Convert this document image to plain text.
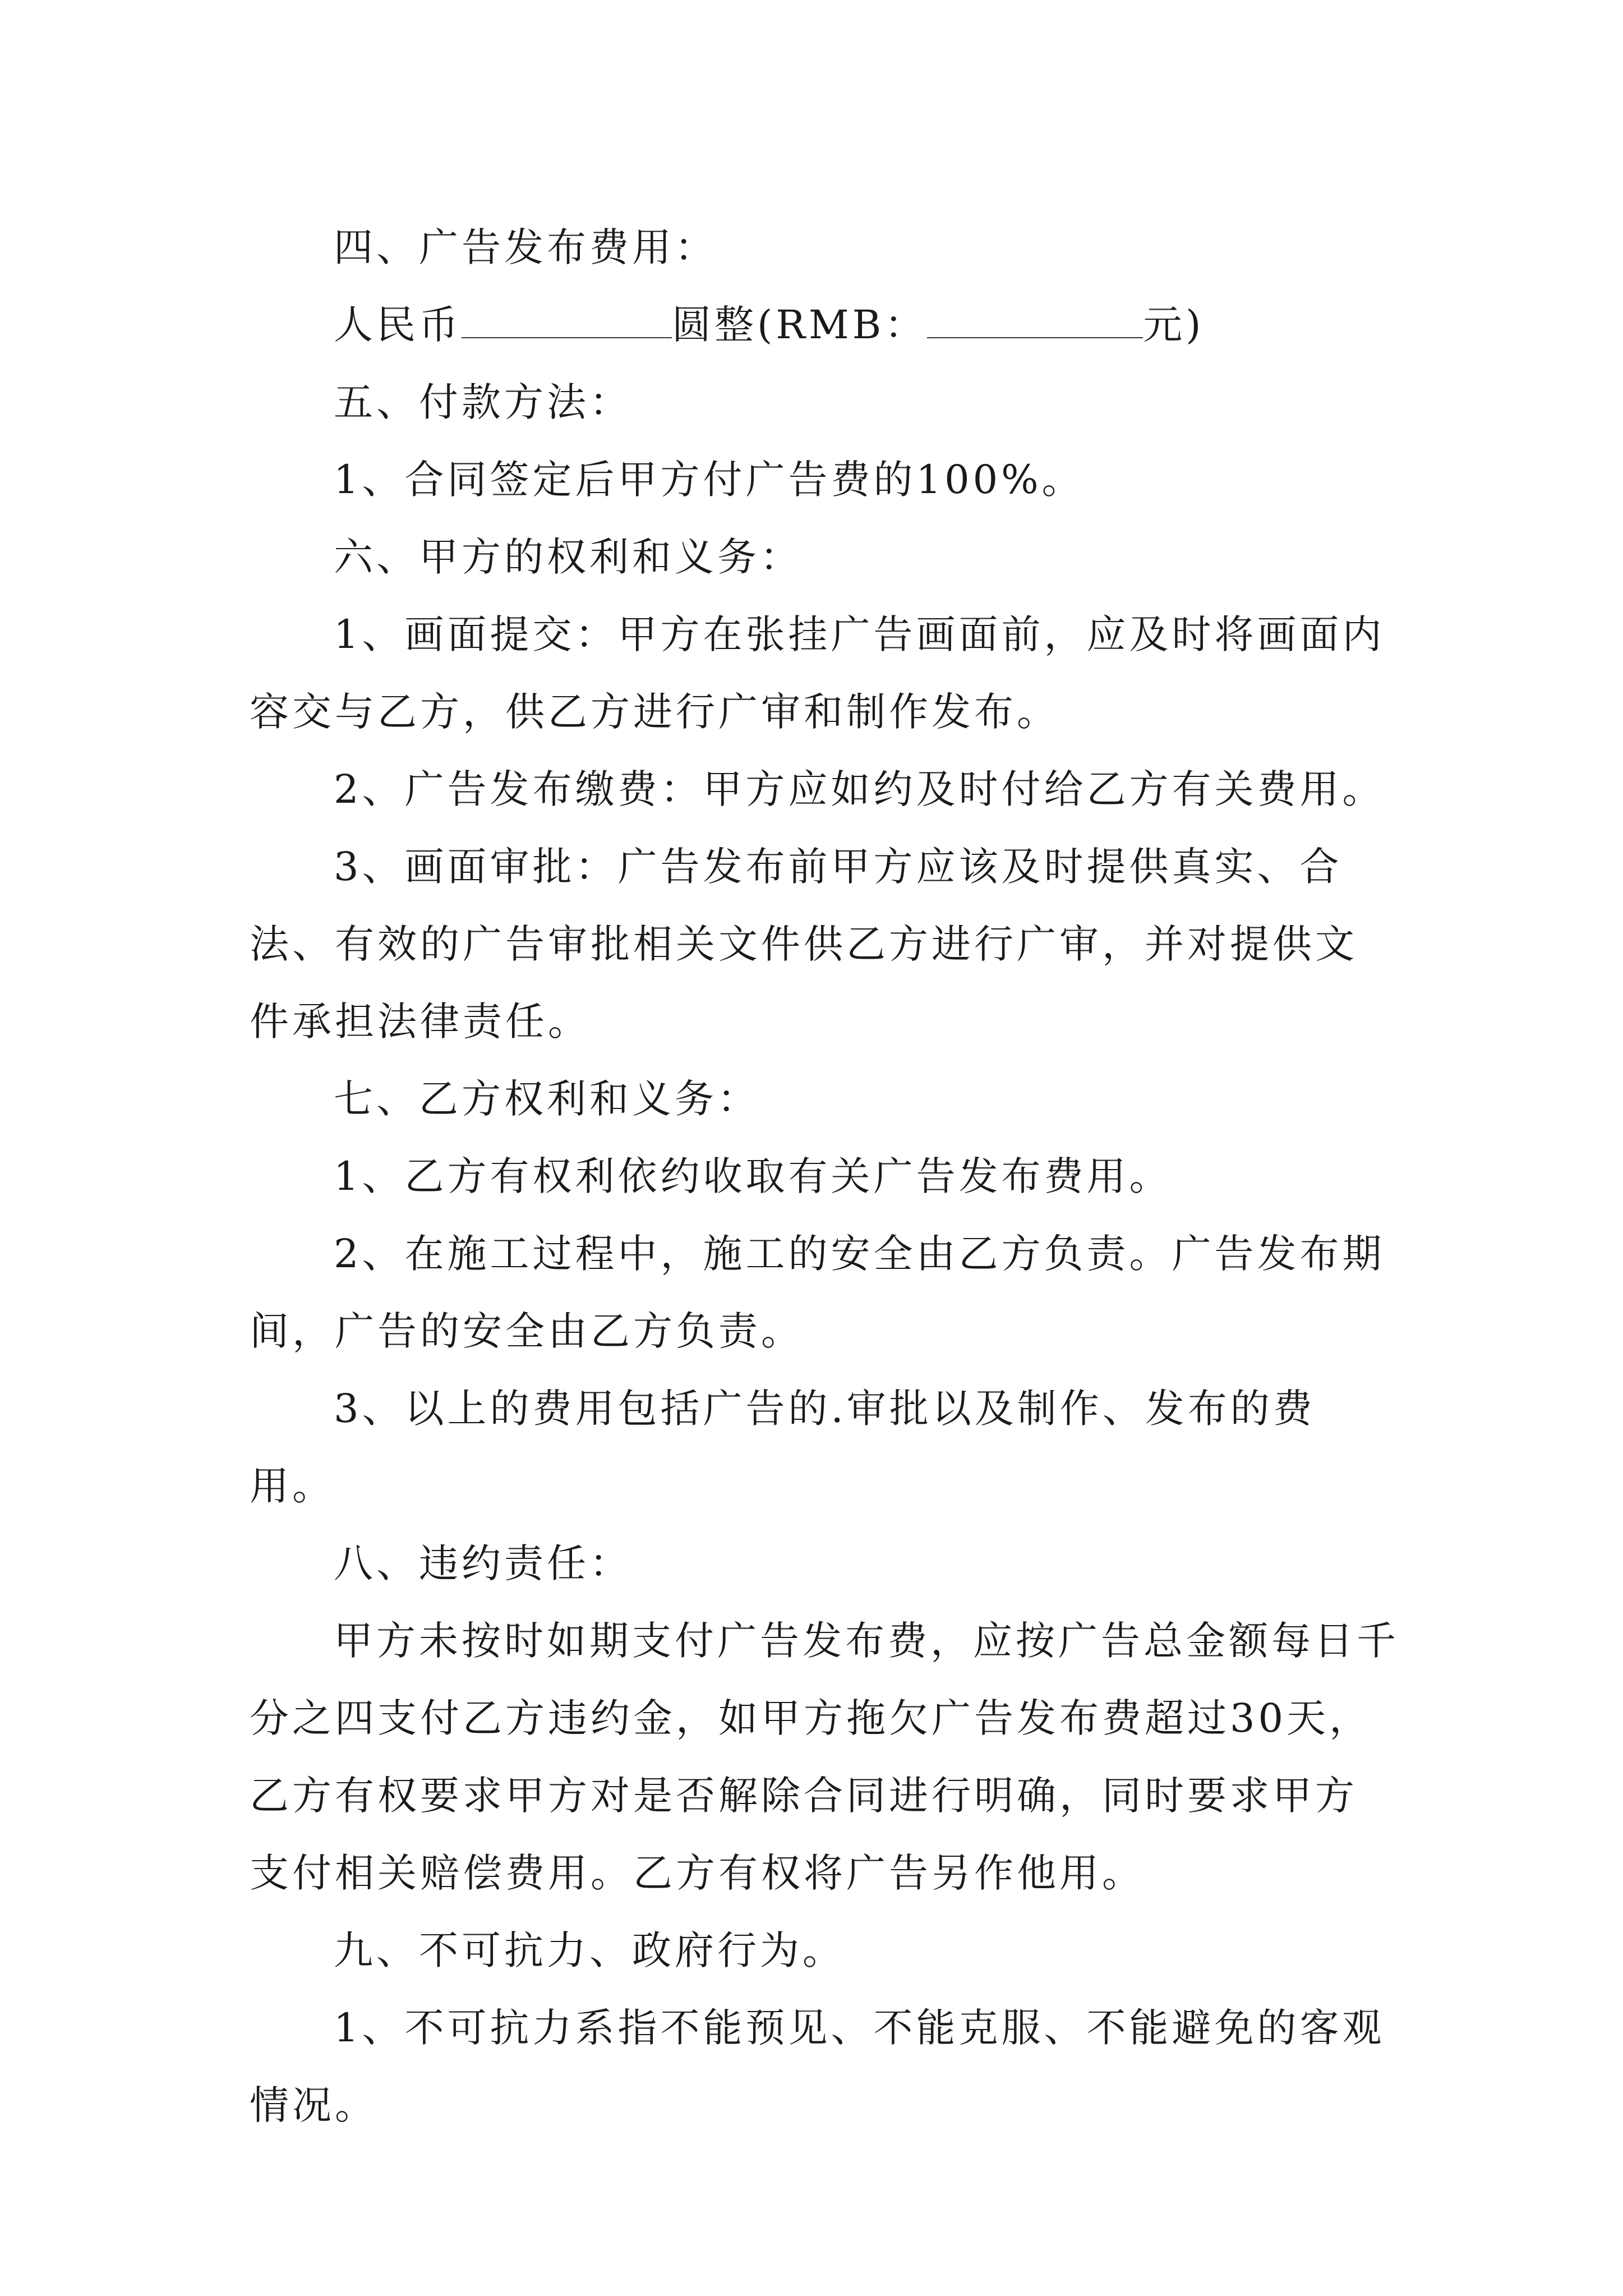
四、广告发布费用：

人民币	圆整(RMB：	元)

五、付款方法：

1、合同签定后甲方付广告费的100%。

六、甲方的权利和义务：

1、画面提交：甲方在张挂广告画面前，应及时将画面内容交与乙方，供乙方进行广审和制作发布。

2、广告发布缴费：甲方应如约及时付给乙方有关费用。

3、画面审批：广告发布前甲方应该及时提供真实、合法、有效的广告审批相关文件供乙方进行广审，并对提供文件承担法律责任。

七、乙方权利和义务：

1、乙方有权利依约收取有关广告发布费用。

2、在施工过程中，施工的安全由乙方负责。广告发布期间，广告的安全由乙方负责。

3、以上的费用包括广告的.审批以及制作、发布的费用。

八、违约责任：

甲方未按时如期支付广告发布费，应按广告总金额每日千分之四支付乙方违约金，如甲方拖欠广告发布费超过30天，乙方有权要求甲方对是否解除合同进行明确，同时要求甲方支付相关赔偿费用。乙方有权将广告另作他用。

九、不可抗力、政府行为。

1、不可抗力系指不能预见、不能克服、不能避免的客观情况。
